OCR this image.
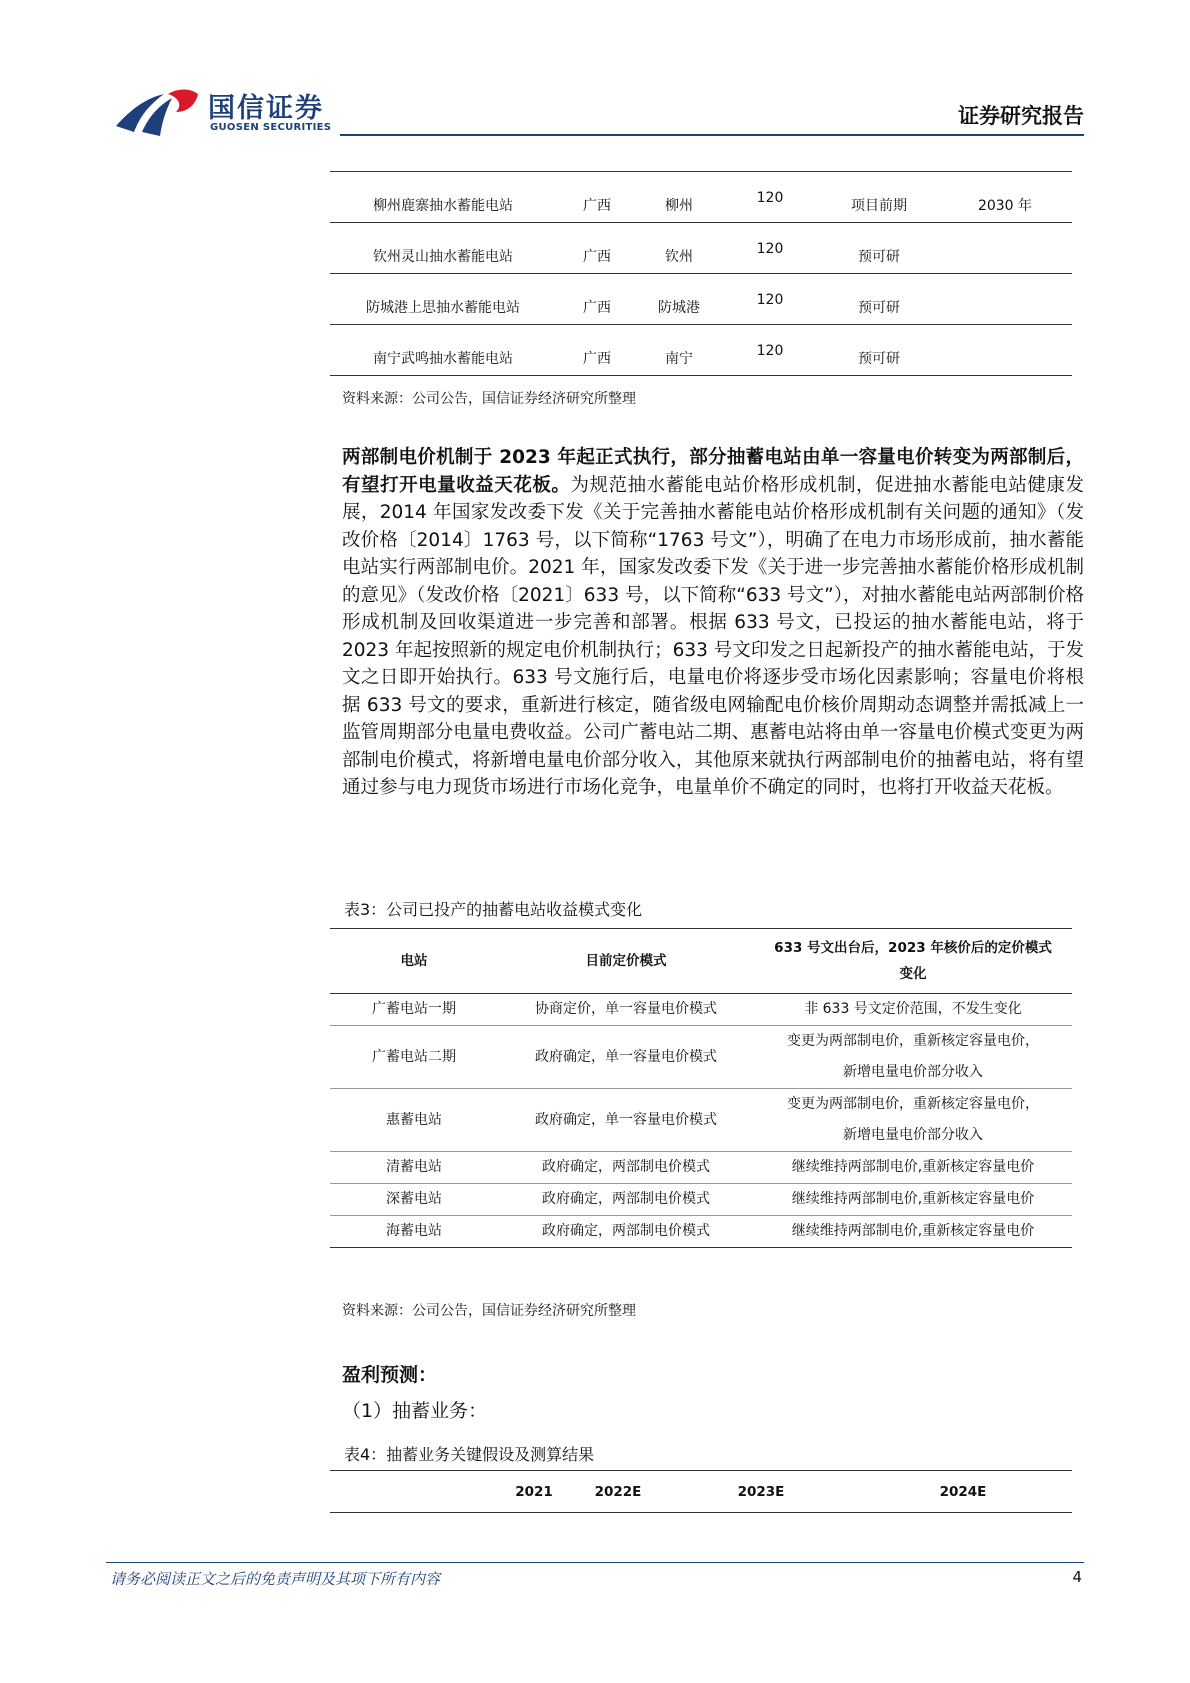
国信证券
GUOSEN SECURITIES	证券研究报告
柳州鹿寨抽水蓄能电站	广西	柳州	120	项目前期	2030 年
钦州灵山抽水蓄能电站	广西	钦州	120	预可研	
防城港上思抽水蓄能电站	广西	防城港	120	预可研	
南宁武鸣抽水蓄能电站	广西	南宁	120	预可研	
资料来源：公司公告，国信证券经济研究所整理
两部制电价机制于 2023 年起正式执行，部分抽蓄电站由单一容量电价转变为两部制后，有望打开电量收益天花板。为规范抽水蓄能电站价格形成机制，促进抽水蓄能电站健康发展，2014 年国家发改委下发《关于完善抽水蓄能电站价格形成机制有关问题的通知》（发改价格〔2014〕1763 号，以下简称“1763 号文”），明确了在电力市场形成前，抽水蓄能电站实行两部制电价。2021 年，国家发改委下发《关于进一步完善抽水蓄能价格形成机制的意见》（发改价格〔2021〕633 号，以下简称“633 号文”），对抽水蓄能电站两部制价格形成机制及回收渠道进一步完善和部署。根据 633 号文，已投运的抽水蓄能电站，将于 2023 年起按照新的规定电价机制执行；633 号文印发之日起新投产的抽水蓄能电站，于发文之日即开始执行。633 号文施行后，电量电价将逐步受市场化因素影响；容量电价将根据 633 号文的要求，重新进行核定，随省级电网输配电价核价周期动态调整并需抵减上一监管周期部分电量电费收益。公司广蓄电站二期、惠蓄电站将由单一容量电价模式变更为两部制电价模式，将新增电量电价部分收入，其他原来就执行两部制电价的抽蓄电站，将有望通过参与电力现货市场进行市场化竞争，电量单价不确定的同时，也将打开收益天花板。
表3：公司已投产的抽蓄电站收益模式变化
电站	目前定价模式	633 号文出台后，2023 年核价后的定价模式变化
广蓄电站一期	协商定价，单一容量电价模式	非 633 号文定价范围，不发生变化

广蓄电站二期	政府确定，单一容量电价模式	变更为两部制电价，重新核定容量电价，
新增电量电价部分收入

惠蓄电站	政府确定，单一容量电价模式	变更为两部制电价，重新核定容量电价，
新增电量电价部分收入

清蓄电站	政府确定，两部制电价模式	继续维持两部制电价,重新核定容量电价

深蓄电站	政府确定，两部制电价模式	继续维持两部制电价,重新核定容量电价

海蓄电站	政府确定，两部制电价模式	继续维持两部制电价,重新核定容量电价
资料来源：公司公告，国信证券经济研究所整理
盈利预测：
（1）抽蓄业务：
表4：抽蓄业务关键假设及测算结果
	2021	2022E	2023E	2024E
请务必阅读正文之后的免责声明及其项下所有内容	4
